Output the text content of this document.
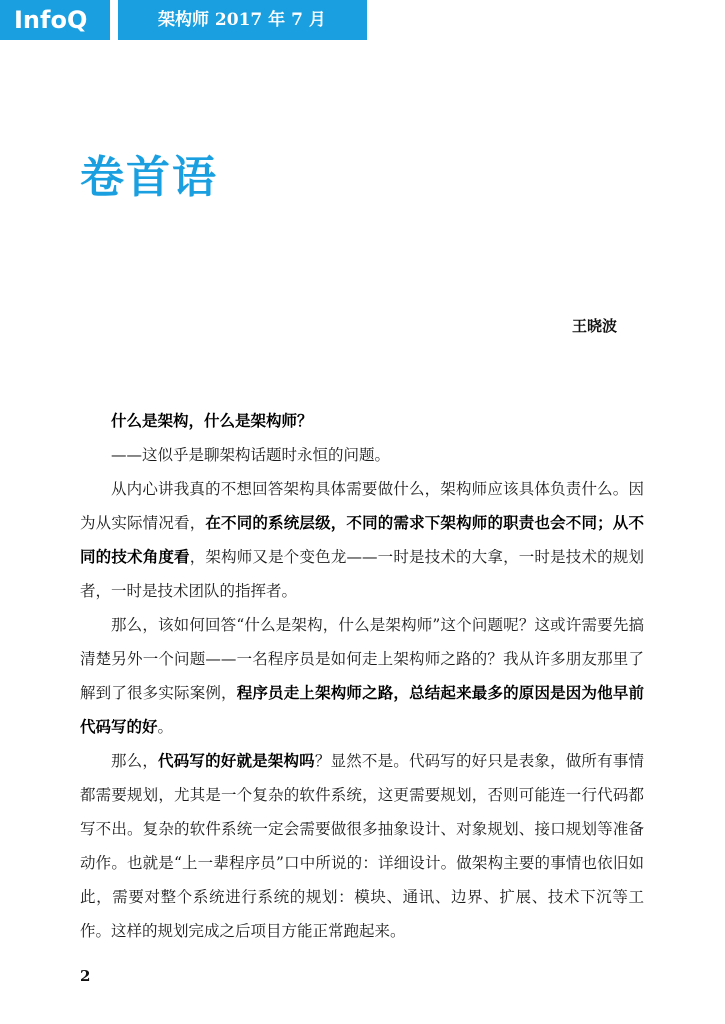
InfoQ	架构师 2017 年 7 月
卷首语
王晓波

什么是架构，什么是架构师？

——这似乎是聊架构话题时永恒的问题。

从内心讲我真的不想回答架构具体需要做什么，架构师应该具体负责什么。因为从实际情况看，在不同的系统层级，不同的需求下架构师的职责也会不同；从不同的技术角度看，架构师又是个变色龙——一时是技术的大拿，一时是技术的规划者，一时是技术团队的指挥者。

那么，该如何回答“什么是架构，什么是架构师”这个问题呢？这或许需要先搞清楚另外一个问题——一名程序员是如何走上架构师之路的？我从许多朋友那里了解到了很多实际案例，程序员走上架构师之路，总结起来最多的原因是因为他早前代码写的好。

那么，代码写的好就是架构吗？显然不是。代码写的好只是表象，做所有事情都需要规划，尤其是一个复杂的软件系统，这更需要规划，否则可能连一行代码都写不出。复杂的软件系统一定会需要做很多抽象设计、对象规划、接口规划等准备动作。也就是“上一辈程序员”口中所说的：详细设计。做架构主要的事情也依旧如此，需要对整个系统进行系统的规划：模块、通讯、边界、扩展、技术下沉等工作。这样的规划完成之后项目方能正常跑起来。

2
